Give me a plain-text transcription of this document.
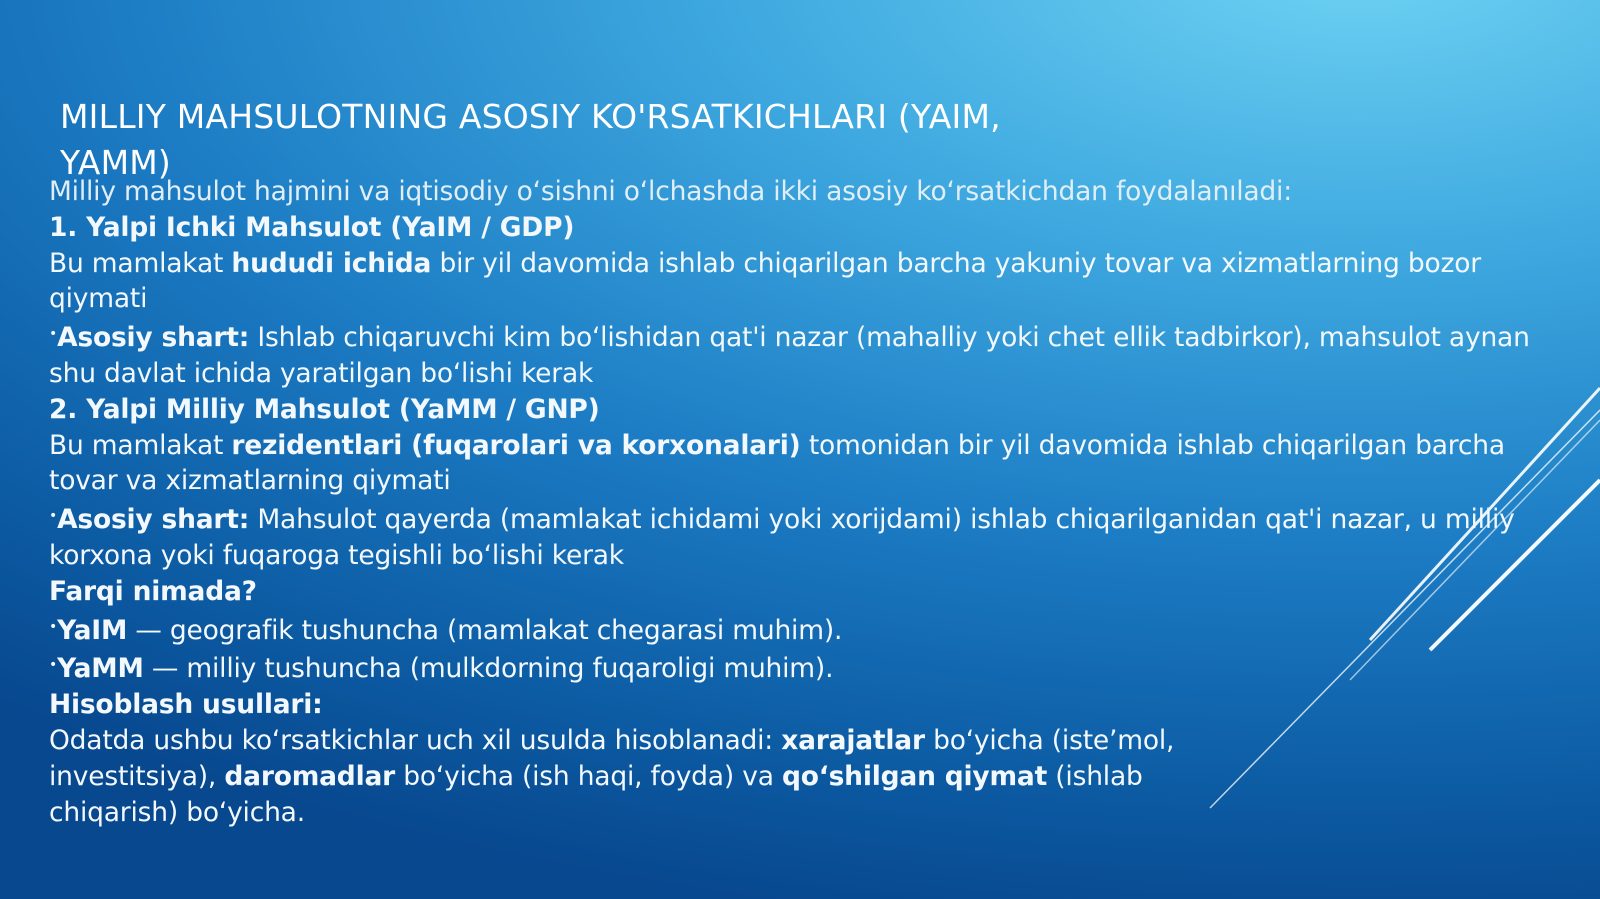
MILLIY MAHSULOTNING ASOSIY KO'RSATKICHLARI (YAIM, YAMM)

Milliy mahsulot hajmini va iqtisodiy o‘sishni o‘lchashda ikki asosiy ko‘rsatkichdan foydalanıladi:

1. Yalpi Ichki Mahsulot (YaIM / GDP)

Bu mamlakat hududi ichida bir yil davomida ishlab chiqarilgan barcha yakuniy tovar va xizmatlarning bozor qiymati

•Asosiy shart: Ishlab chiqaruvchi kim bo‘lishidan qat'i nazar (mahalliy yoki chet ellik tadbirkor), mahsulot aynan shu davlat ichida yaratilgan bo‘lishi kerak

2. Yalpi Milliy Mahsulot (YaMM / GNP)

Bu mamlakat rezidentlari (fuqarolari va korxonalari) tomonidan bir yil davomida ishlab chiqarilgan barcha tovar va xizmatlarning qiymati

•Asosiy shart: Mahsulot qayerda (mamlakat ichidami yoki xorijdami) ishlab chiqarilganidan qat'i nazar, u milliy korxona yoki fuqaroga tegishli bo‘lishi kerak

Farqi nimada?

•YaIM — geografik tushuncha (mamlakat chegarasi muhim).

•YaMM — milliy tushuncha (mulkdorning fuqaroligi muhim).

Hisoblash usullari:

Odatda ushbu ko‘rsatkichlar uch xil usulda hisoblanadi: xarajatlar bo‘yicha (iste’mol, investitsiya), daromadlar bo‘yicha (ish haqi, foyda) va qo‘shilgan qiymat (ishlab chiqarish) bo‘yicha.
